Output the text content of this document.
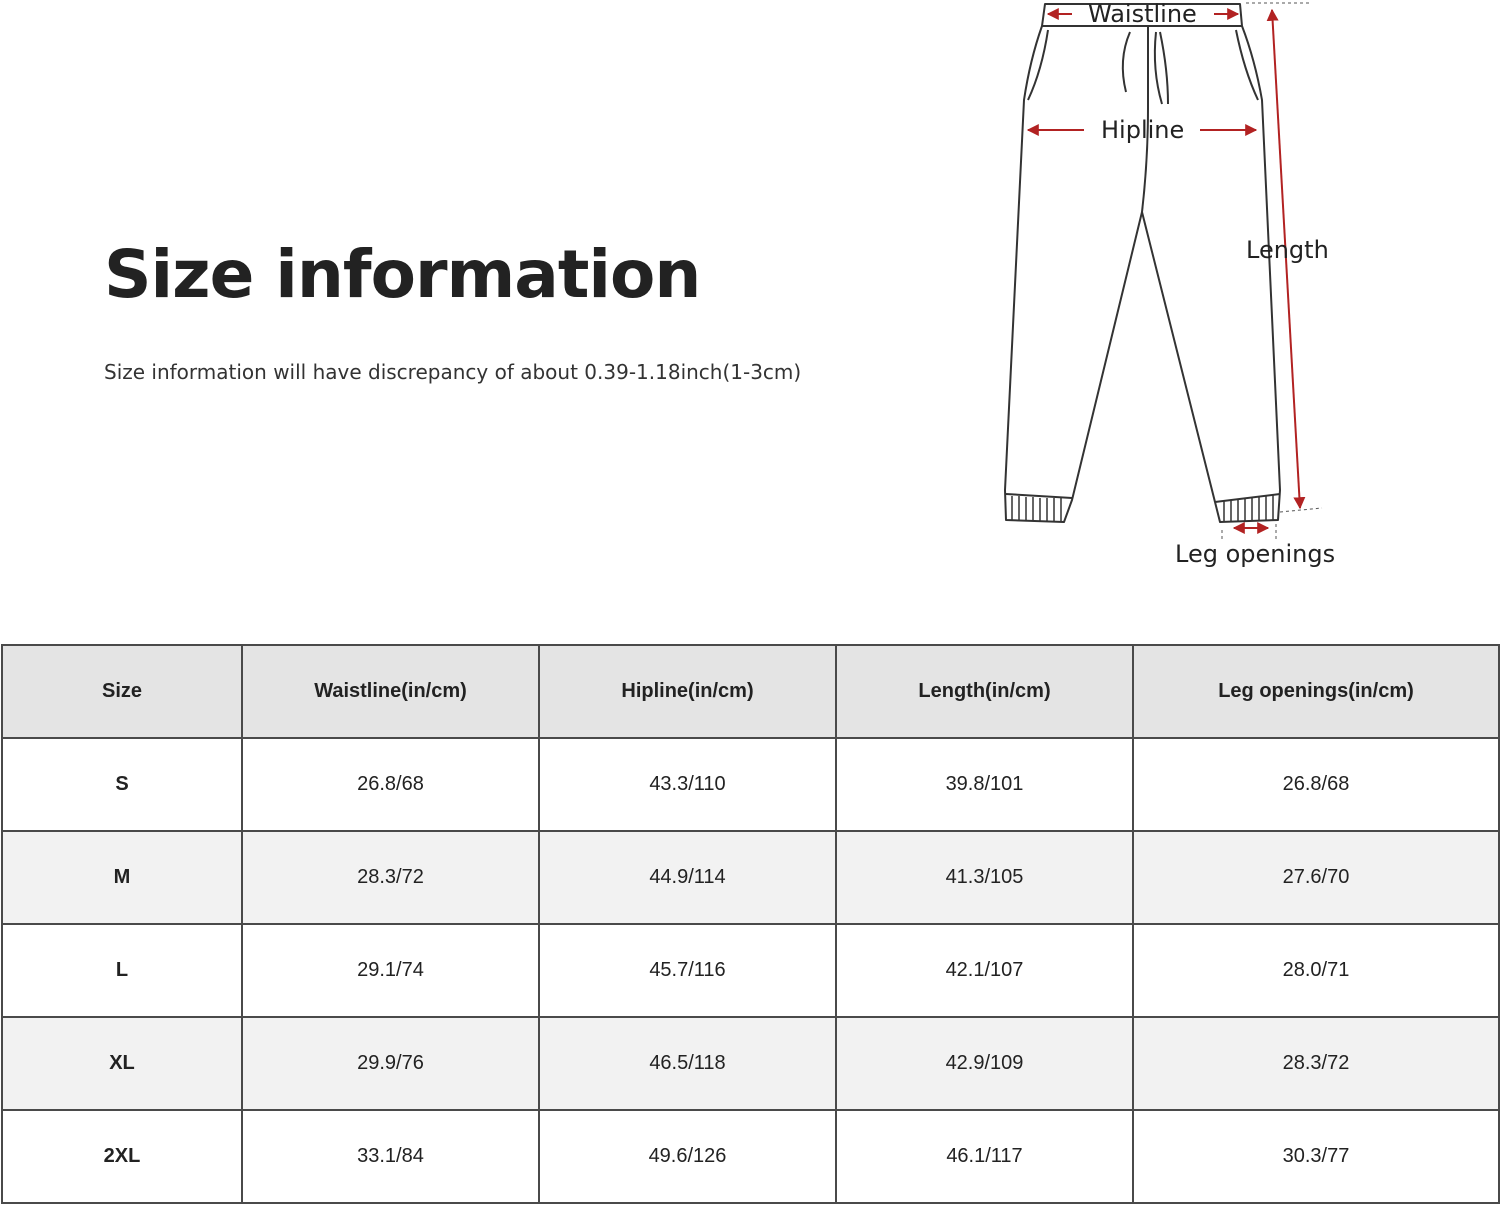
Size information
Size information will have discrepancy of about 0.39-1.18inch(1-3cm)
Waistline
Hipline
Length
Leg openings
Size	Waistline(in/cm)	Hipline(in/cm)	Length(in/cm)	Leg openings(in/cm)
S	26.8/68	43.3/110	39.8/101	26.8/68
M	28.3/72	44.9/114	41.3/105	27.6/70
L	29.1/74	45.7/116	42.1/107	28.0/71
XL	29.9/76	46.5/118	42.9/109	28.3/72
2XL	33.1/84	49.6/126	46.1/117	30.3/77
